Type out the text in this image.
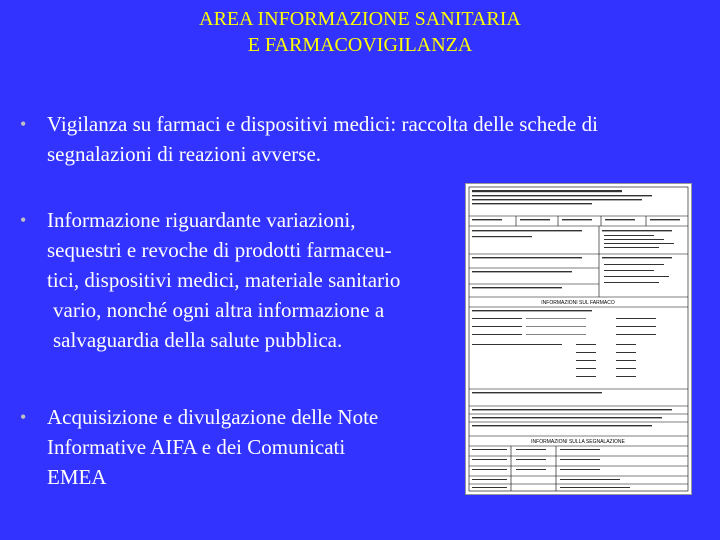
AREA INFORMAZIONE SANITARIA
E FARMACOVIGILANZA
• Vigilanza su farmaci e dispositivi medici: raccolta delle schede di
segnalazioni di reazioni avverse.
• Informazione riguardante variazioni,
sequestri e revoche di prodotti farmaceu-
tici, dispositivi medici, materiale sanitario
vario, nonché ogni altra informazione a
salvaguardia della salute pubblica.
• Acquisizione e divulgazione delle Note
Informative AIFA e dei Comunicati
EMEA
INFORMAZIONI SUL FARMACO
INFORMAZIONI SULLA SEGNALAZIONE
